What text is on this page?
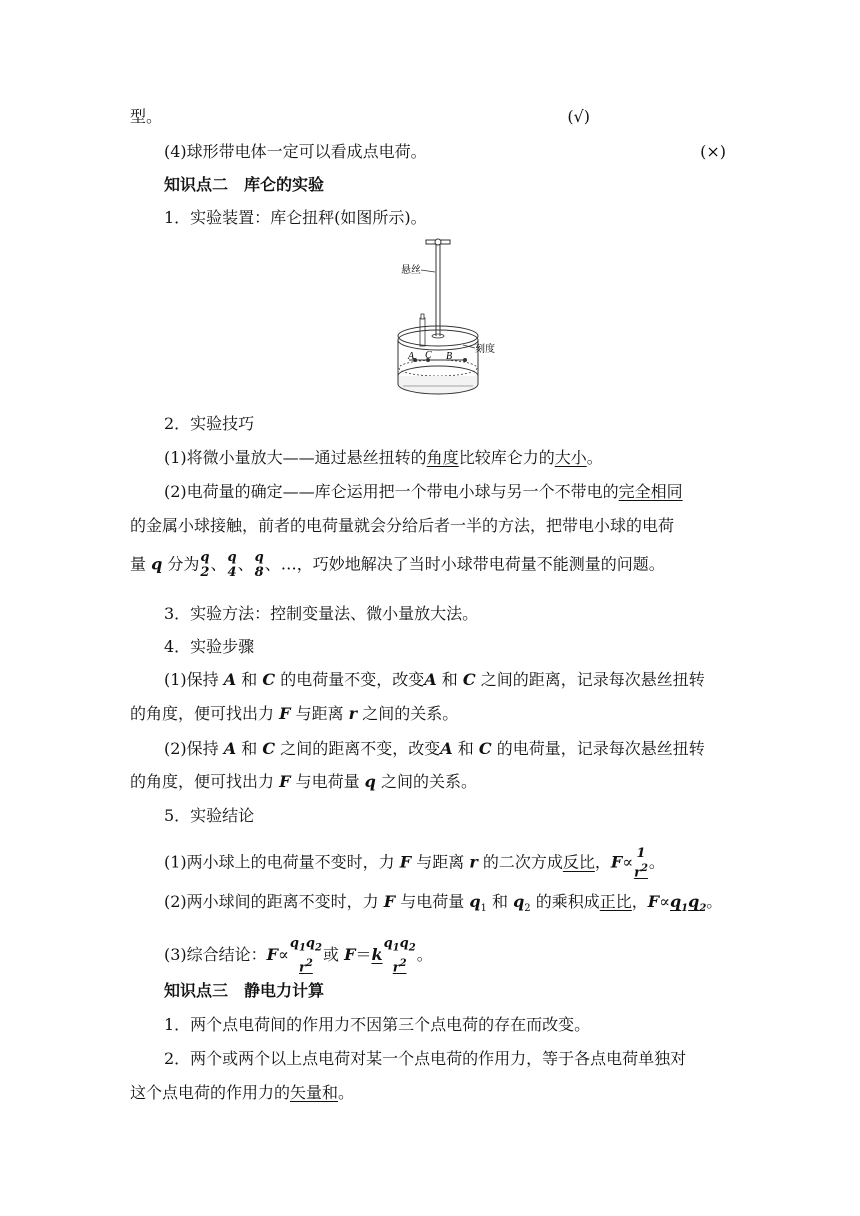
型。	(√)
(4)球形带电体一定可以看成点电荷。	(×)
知识点二　库仑的实验
1．实验装置：库仑扭秤(如图所示)。
悬丝
A C B
刻度
2．实验技巧
(1)将微小量放大——通过悬丝扭转的角度比较库仑力的大小。
(2)电荷量的确定——库仑运用把一个带电小球与另一个不带电的完全相同
的金属小球接触，前者的电荷量就会分给后者一半的方法，把带电小球的电荷
量 q 分为 q
2 、 q
4 、 q
8 、…，巧妙地解决了当时小球带电荷量不能测量的问题。
3．实验方法：控制变量法、微小量放大法。
4．实验步骤
(1)保持 A 和 C 的电荷量不变，改变A 和 C 之间的距离，记录每次悬丝扭转
的角度，便可找出力 F 与距离 r 之间的关系。
(2)保持 A 和 C 之间的距离不变，改变A 和 C 的电荷量，记录每次悬丝扭转
的角度，便可找出力 F 与电荷量 q 之间的关系。
5．实验结论
(1)两小球上的电荷量不变时，力 F 与距离 r 的二次方成反比，F∝ 1
$r^2$ 。
(2)两小球间的距离不变时，力 F 与电荷量 $q_1$ 和 $q_2$ 的乘积成正比，$F\propto q_1q_2$。
(3)综合结论：F∝
$q_1q_2$
$r^2$ 或 F＝k
$q_1q_2$
$r^2$ 。
知识点三　静电力计算
1．两个点电荷间的作用力不因第三个点电荷的存在而改变。
2．两个或两个以上点电荷对某一个点电荷的作用力，等于各点电荷单独对
这个点电荷的作用力的矢量和。
